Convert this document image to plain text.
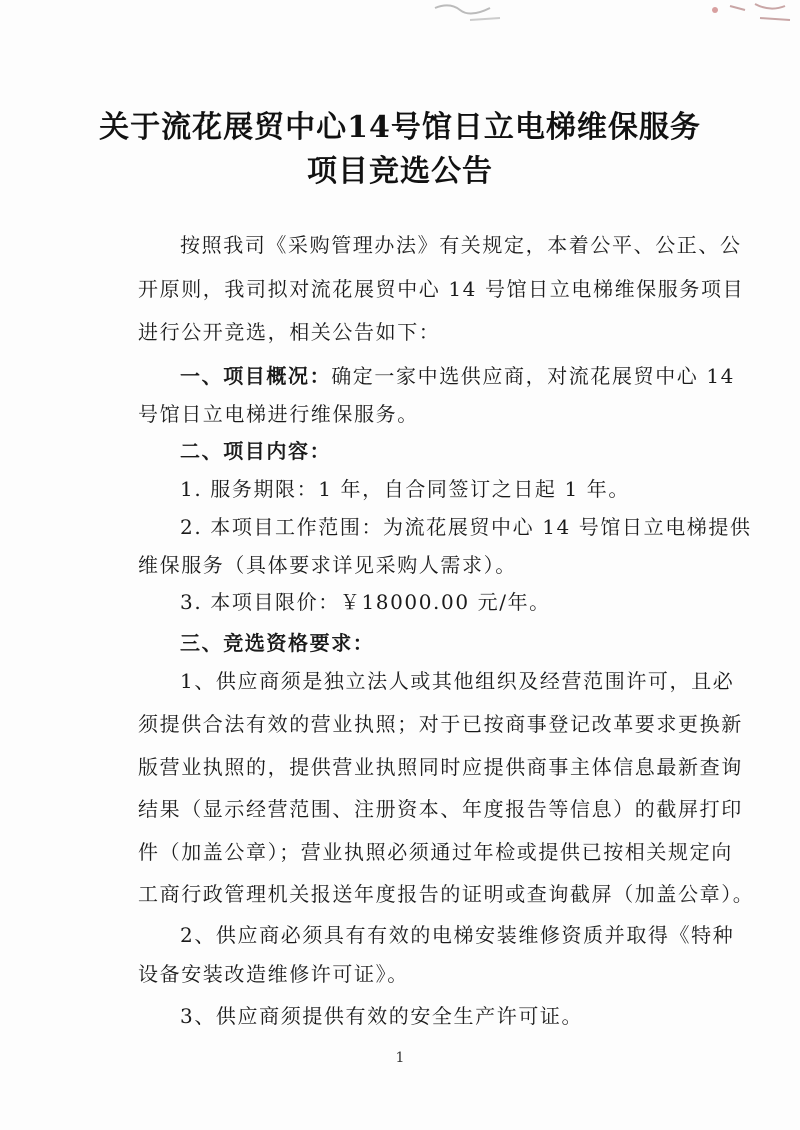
关于流花展贸中心14号馆日立电梯维保服务
项目竞选公告
按照我司《采购管理办法》有关规定，本着公平、公正、公
开原则，我司拟对流花展贸中心 14 号馆日立电梯维保服务项目
进行公开竞选，相关公告如下：
一、项目概况：确定一家中选供应商，对流花展贸中心 14
号馆日立电梯进行维保服务。
二、项目内容：
1. 服务期限：1 年，自合同签订之日起 1 年。
2. 本项目工作范围：为流花展贸中心 14 号馆日立电梯提供
维保服务（具体要求详见采购人需求）。
3. 本项目限价：￥18000.00 元/年。
三、竞选资格要求：
1、供应商须是独立法人或其他组织及经营范围许可，且必
须提供合法有效的营业执照；对于已按商事登记改革要求更换新
版营业执照的，提供营业执照同时应提供商事主体信息最新查询
结果（显示经营范围、注册资本、年度报告等信息）的截屏打印
件（加盖公章）；营业执照必须通过年检或提供已按相关规定向
工商行政管理机关报送年度报告的证明或查询截屏（加盖公章）。
2、供应商必须具有有效的电梯安装维修资质并取得《特种
设备安装改造维修许可证》。
3、供应商须提供有效的安全生产许可证。
1
